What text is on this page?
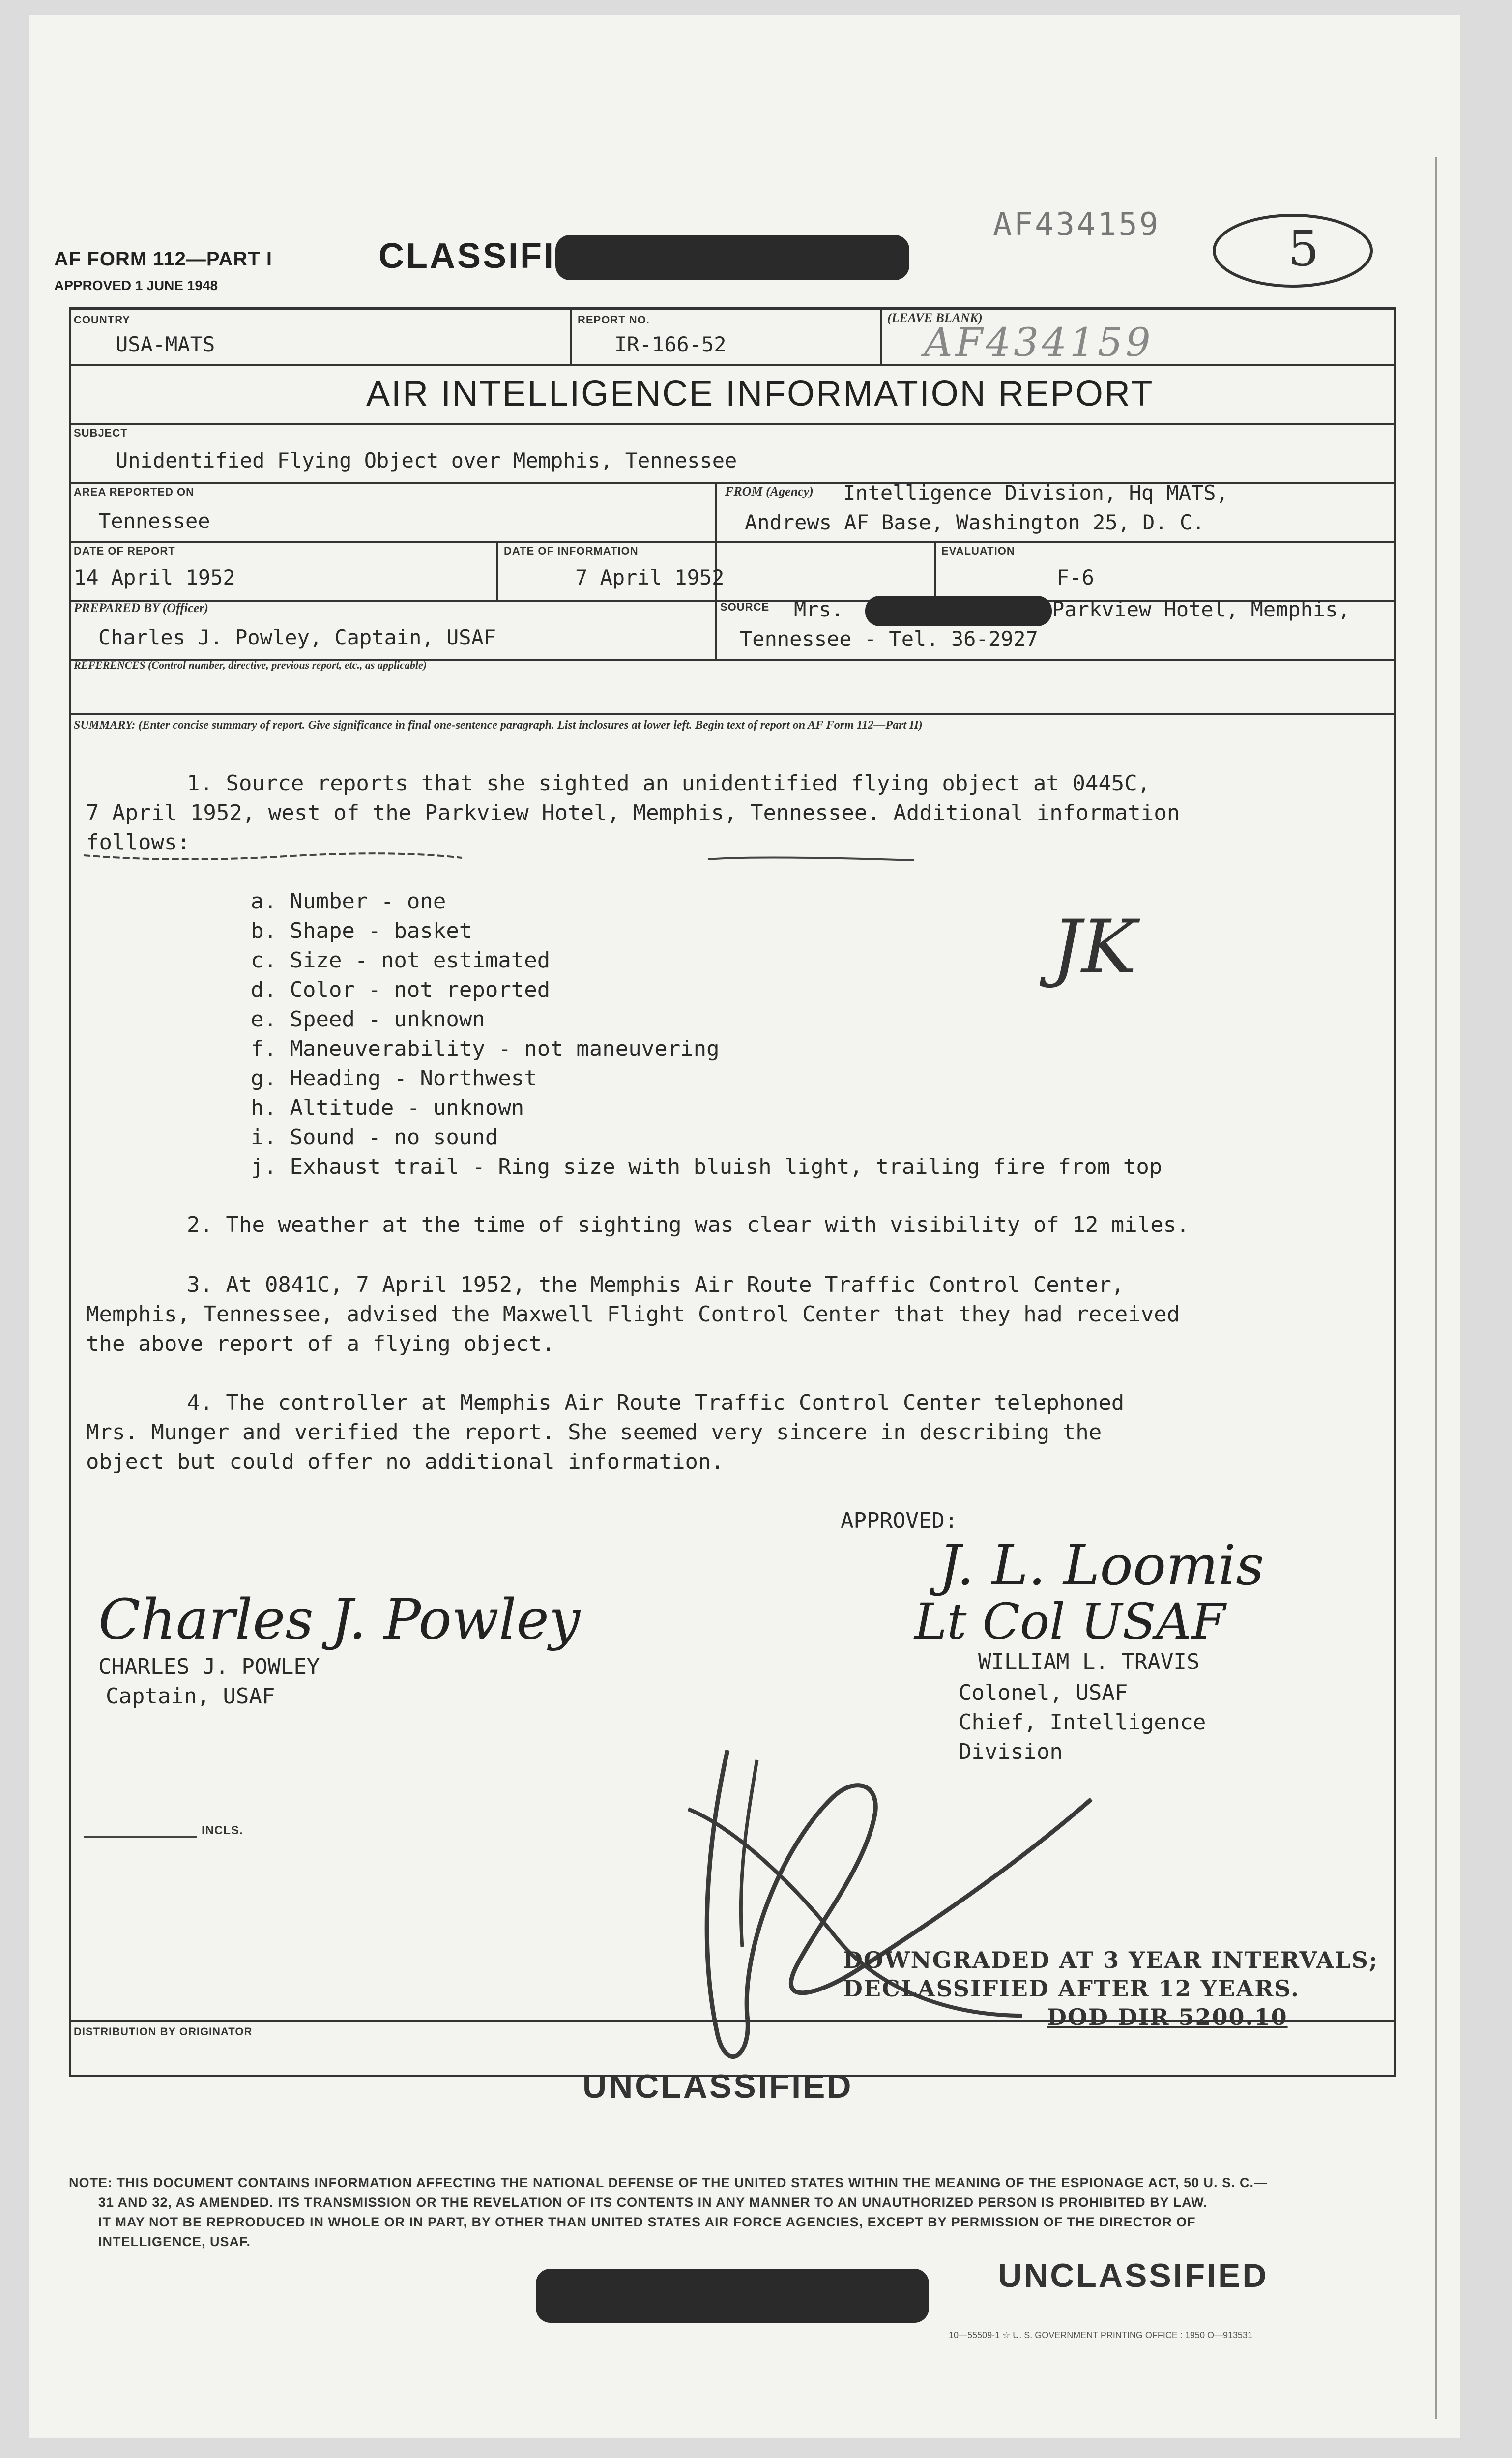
AF FORM 112—PART I
APPROVED 1 JUNE 1948
CLASSIFI
AF434159	5
COUNTRY
USA-MATS
REPORT NO.
IR-166-52
(LEAVE BLANK)
AF434159
AIR INTELLIGENCE INFORMATION REPORT
SUBJECT
Unidentified Flying Object over Memphis, Tennessee
AREA REPORTED ON
Tennessee
FROM (Agency) Intelligence Division, Hq MATS,
Andrews AF Base, Washington 25, D. C.
DATE OF REPORT
14 April 1952
DATE OF INFORMATION
7 April 1952
EVALUATION
F-6
PREPARED BY (Officer)
Charles J. Powley, Captain, USAF
SOURCE Mrs.	Parkview Hotel, Memphis,
Tennessee - Tel. 36-2927
REFERENCES (Control number, directive, previous report, etc., as applicable)
SUMMARY: (Enter concise summary of report. Give significance in final one-sentence paragraph. List inclosures at lower left. Begin text of report on AF Form 112—Part II)
1. Source reports that she sighted an unidentified flying object at 0445C,
7 April 1952, west of the Parkview Hotel, Memphis, Tennessee. Additional information
follows:
a. Number - one
b. Shape - basket
c. Size - not estimated
d. Color - not reported
e. Speed - unknown
f. Maneuverability - not maneuvering
g. Heading - Northwest
h. Altitude - unknown
i. Sound - no sound
j. Exhaust trail - Ring size with bluish light, trailing fire from top
JK
2. The weather at the time of sighting was clear with visibility of 12 miles.
3. At 0841C, 7 April 1952, the Memphis Air Route Traffic Control Center,
Memphis, Tennessee, advised the Maxwell Flight Control Center that they had received
the above report of a flying object.
4. The controller at Memphis Air Route Traffic Control Center telephoned
Mrs. Munger and verified the report. She seemed very sincere in describing the
object but could offer no additional information.
APPROVED:
Charles J. Powley
CHARLES J. POWLEY
Captain, USAF
J. L. Loomis
Lt Col USAF
WILLIAM L. TRAVIS
Colonel, USAF
Chief, Intelligence
Division
INCLS.
DOWNGRADED AT 3 YEAR INTERVALS;
DECLASSIFIED AFTER 12 YEARS.
DOD DIR 5200.10
DISTRIBUTION BY ORIGINATOR
UNCLASSIFIED
NOTE: THIS DOCUMENT CONTAINS INFORMATION AFFECTING THE NATIONAL DEFENSE OF THE UNITED STATES WITHIN THE MEANING OF THE ESPIONAGE ACT, 50 U. S. C.—
31 AND 32, AS AMENDED. ITS TRANSMISSION OR THE REVELATION OF ITS CONTENTS IN ANY MANNER TO AN UNAUTHORIZED PERSON IS PROHIBITED BY LAW.
IT MAY NOT BE REPRODUCED IN WHOLE OR IN PART, BY OTHER THAN UNITED STATES AIR FORCE AGENCIES, EXCEPT BY PERMISSION OF THE DIRECTOR OF
INTELLIGENCE, USAF.
UNCLASSIFIED
10—55509-1 ☆ U. S. GOVERNMENT PRINTING OFFICE : 1950 O—913531
